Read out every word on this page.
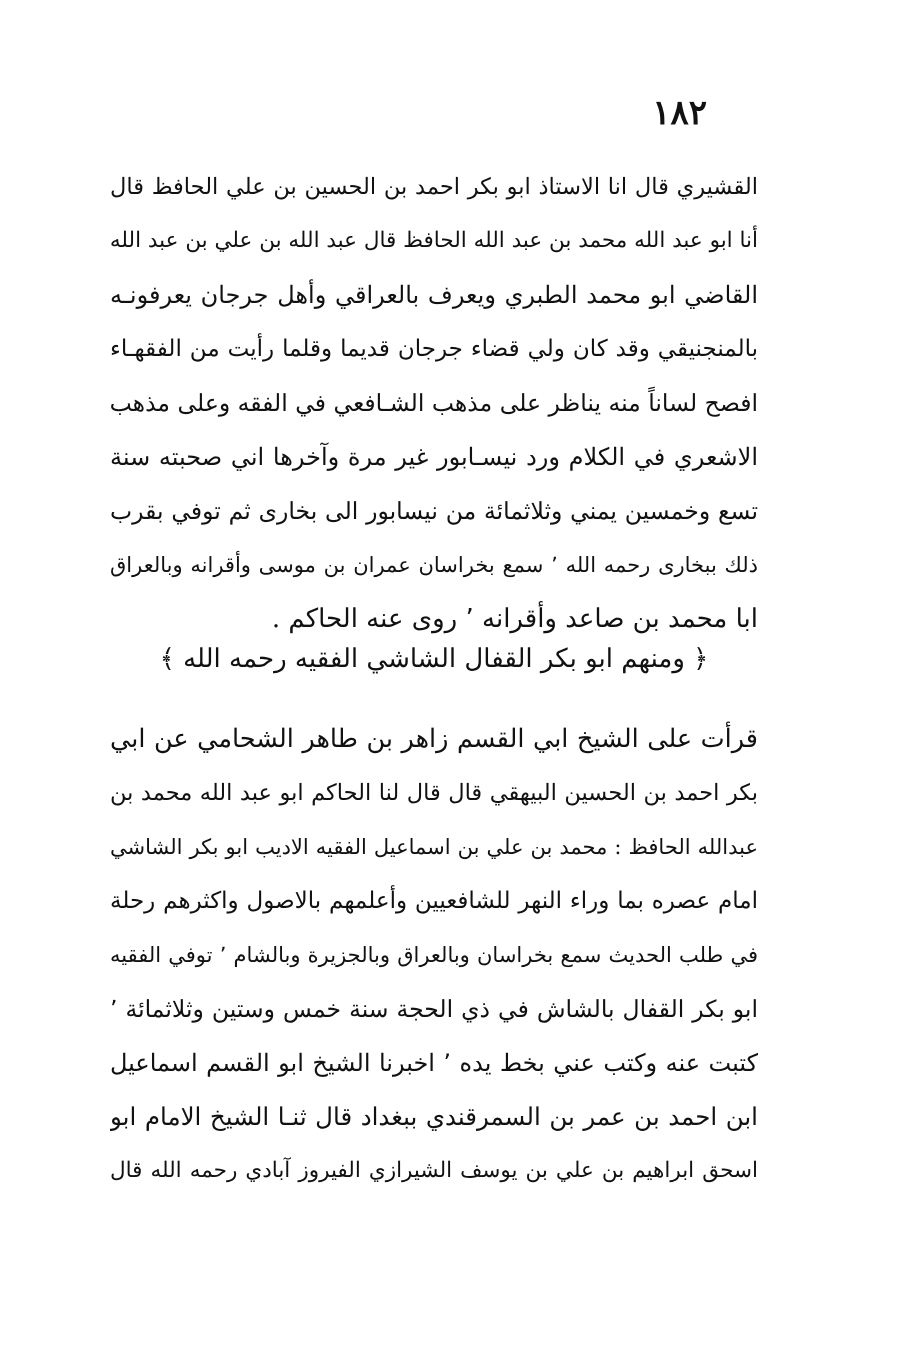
١٨٢
القشيري قال انا الاستاذ ابو بكر احمد بن الحسين بن علي الحافظ قال
أنا ابو عبد الله محمد بن عبد الله الحافظ قال عبد الله بن علي بن عبد الله
القاضي ابو محمد الطبري ويعرف بالعراقي وأهل جرجان يعرفونـه
بالمنجنيقي وقد كان ولي قضاء جرجان قديما وقلما رأيت من الفقهـاء
افصح لساناً منه يناظر على مذهب الشـافعي في الفقه وعلى مذهب
الاشعري في الكلام ورد نيسـابور غير مرة وآخرها اني صحبته سنة
تسع وخمسين يمني وثلاثمائة من نيسابور الى بخارى ثم توفي بقرب
ذلك ببخارى رحمه الله ٬ سمع بخراسان عمران بن موسى وأقرانه وبالعراق
ابا محمد بن صاعد وأقرانه ٬ روى عنه الحاكم .
﴿ ومنهم ابو بكر القفال الشاشي الفقيه رحمه الله ﴾
قرأت على الشيخ ابي القسم زاهر بن طاهر الشحامي عن ابي
بكر احمد بن الحسين البيهقي قال قال لنا الحاكم ابو عبد الله محمد بن
عبدالله الحافظ : محمد بن علي بن اسماعيل الفقيه الاديب ابو بكر الشاشي
امام عصره بما وراء النهر للشافعيين وأعلمهم بالاصول واكثرهم رحلة
في طلب الحديث سمع بخراسان وبالعراق وبالجزيرة وبالشام ٬ توفي الفقيه
ابو بكر القفال بالشاش في ذي الحجة سنة خمس وستين وثلاثمائة ٬
كتبت عنه وكتب عني بخط يده ٬ اخبرنا الشيخ ابو القسم اسماعيل
ابن احمد بن عمر بن السمرقندي ببغداد قال ثنـا الشيخ الامام ابو
اسحق ابراهيم بن علي بن يوسف الشيرازي الفيروز آبادي رحمه الله قال
